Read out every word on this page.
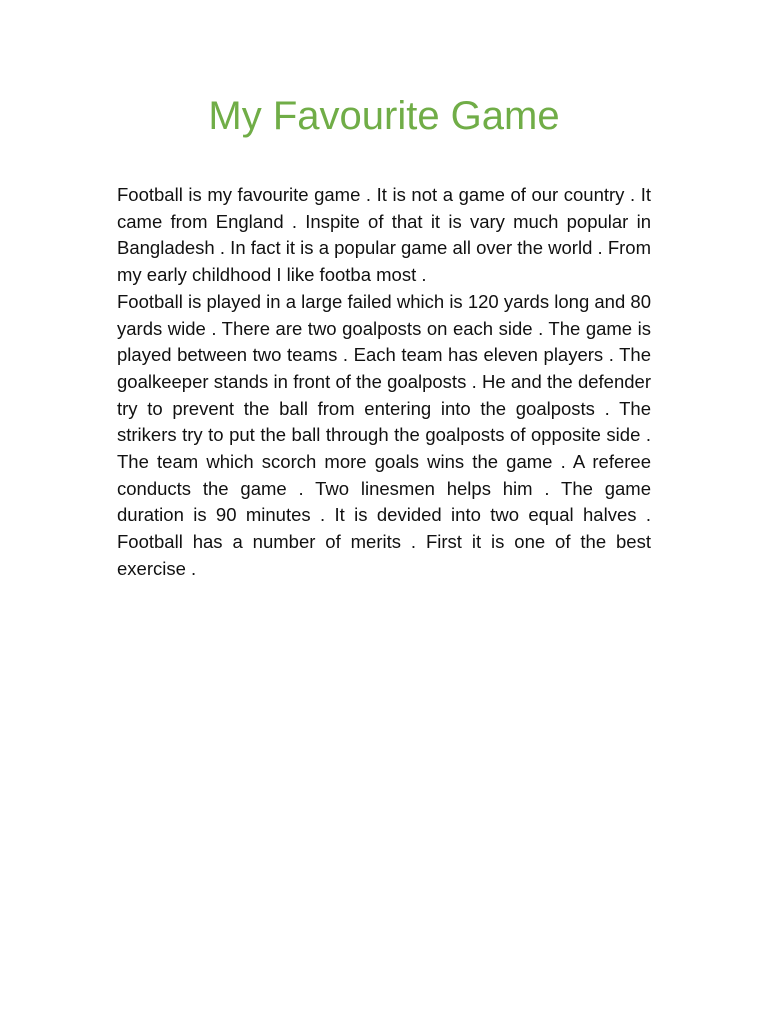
My Favourite Game

Football is my favourite game . It is not a game of our country . It came from England . Inspite of that it is vary much popular in Bangladesh . In fact it is a popular game all over the world . From my early childhood I like footba most .

Football is played in a large failed which is 120 yards long and 80 yards wide . There are two goalposts on each side . The game is played between two teams . Each team has eleven players . The goalkeeper stands in front of the goalposts . He and the defender try to prevent the ball from entering into the goalposts . The strikers try to put the ball through the goalposts of opposite side . The team which scorch more goals wins the game . A referee conducts the game . Two linesmen helps him . The game duration is 90 minutes . It is devided into two equal halves . Football has a number of merits . First it is one of the best exercise .
